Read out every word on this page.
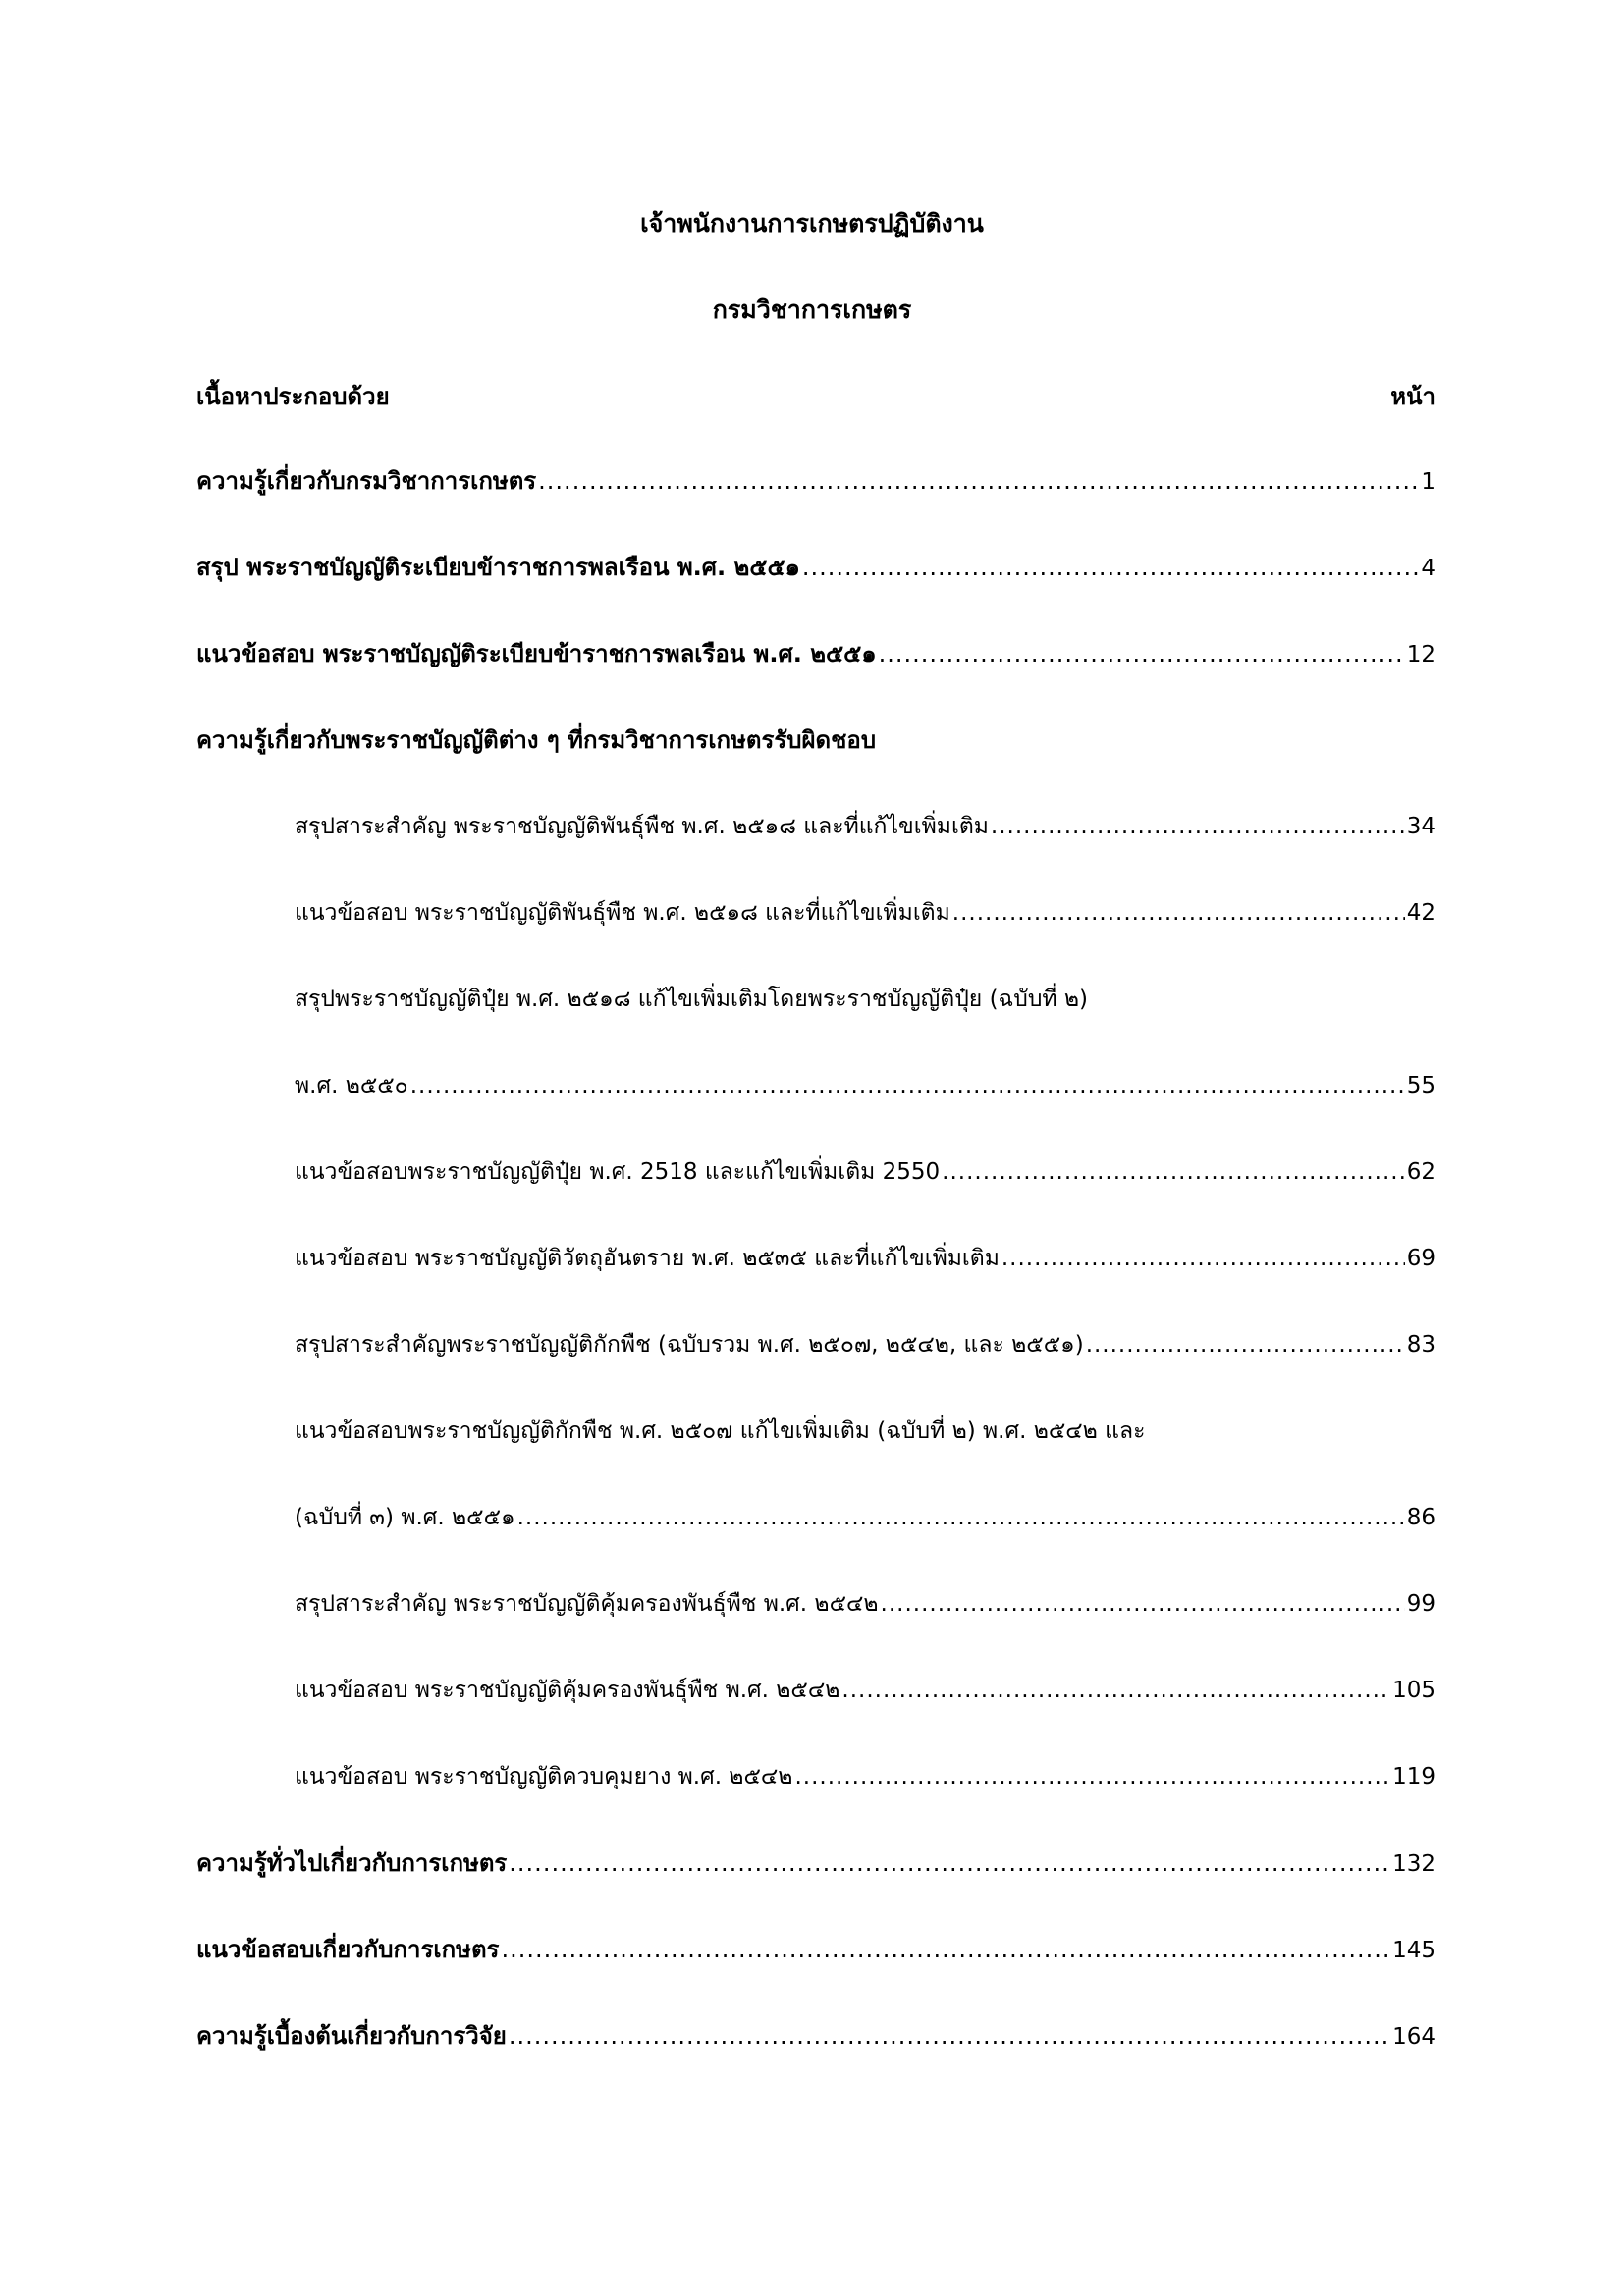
เจ้าพนักงานการเกษตรปฏิบัติงาน
กรมวิชาการเกษตร
เนื้อหาประกอบด้วย	หน้า
ความรู้เกี่ยวกับกรมวิชาการเกษตร .....	1
สรุป พระราชบัญญัติระเบียบข้าราชการพลเรือน พ.ศ. ๒๕๕๑ .....	4
แนวข้อสอบ พระราชบัญญัติระเบียบข้าราชการพลเรือน พ.ศ. ๒๕๕๑ .....	12
ความรู้เกี่ยวกับพระราชบัญญัติต่าง ๆ ที่กรมวิชาการเกษตรรับผิดชอบ
สรุปสาระสำคัญ พระราชบัญญัติพันธุ์พืช พ.ศ. ๒๕๑๘ และที่แก้ไขเพิ่มเติม .....	34
แนวข้อสอบ พระราชบัญญัติพันธุ์พืช พ.ศ. ๒๕๑๘ และที่แก้ไขเพิ่มเติม .....	42
สรุปพระราชบัญญัติปุ๋ย พ.ศ. ๒๕๑๘ แก้ไขเพิ่มเติมโดยพระราชบัญญัติปุ๋ย (ฉบับที่ ๒)
พ.ศ. ๒๕๕๐ .....	55
แนวข้อสอบพระราชบัญญัติปุ๋ย พ.ศ. 2518 และแก้ไขเพิ่มเติม 2550 .....	62
แนวข้อสอบ พระราชบัญญัติวัตถุอันตราย พ.ศ. ๒๕๓๕ และที่แก้ไขเพิ่มเติม .....	69
สรุปสาระสำคัญพระราชบัญญัติกักพืช (ฉบับรวม พ.ศ. ๒๕๐๗, ๒๕๔๒, และ ๒๕๕๑) .....	83
แนวข้อสอบพระราชบัญญัติกักพืช พ.ศ. ๒๕๐๗ แก้ไขเพิ่มเติม (ฉบับที่ ๒) พ.ศ. ๒๕๔๒ และ
(ฉบับที่ ๓) พ.ศ. ๒๕๕๑ .....	86
สรุปสาระสำคัญ พระราชบัญญัติคุ้มครองพันธุ์พืช พ.ศ. ๒๕๔๒ .....	99
แนวข้อสอบ พระราชบัญญัติคุ้มครองพันธุ์พืช พ.ศ. ๒๕๔๒ .....	105
แนวข้อสอบ พระราชบัญญัติควบคุมยาง พ.ศ. ๒๕๔๒ .....	119
ความรู้ทั่วไปเกี่ยวกับการเกษตร .....	132
แนวข้อสอบเกี่ยวกับการเกษตร .....	145
ความรู้เบื้องต้นเกี่ยวกับการวิจัย .....	164
